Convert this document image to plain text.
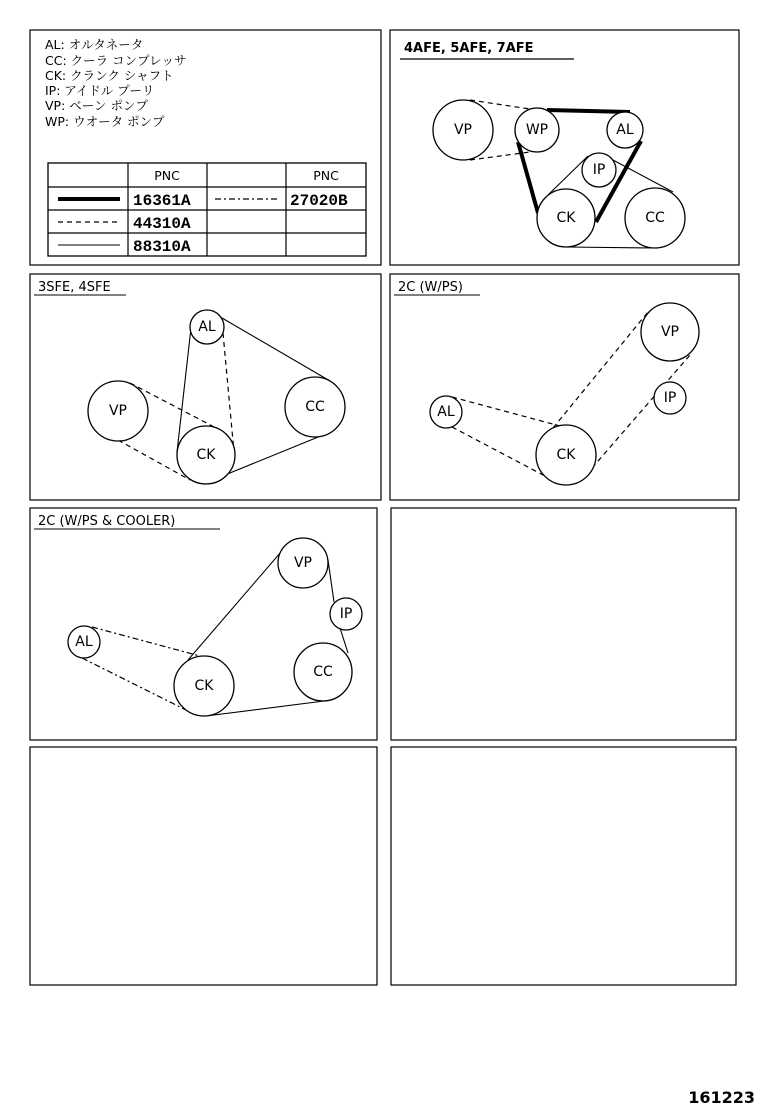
AL: オルタネータ
CC: クーラ コンプレッサ
CK: クランク シャフト
IP: アイドル プーリ
VP: ベーン ポンプ
WP: ウオータ ポンプ
PNC	PNC
16361A	27020B
44310A
88310A
4AFE, 5AFE, 7AFE
VP	WP	AL
IP
CK	CC
3SFE, 4SFE
AL
VP
CK
CC
2C (W/PS)
VP
IP
AL
CK
2C (W/PS & COOLER)
VP
IP
AL
CK
CC
161223
